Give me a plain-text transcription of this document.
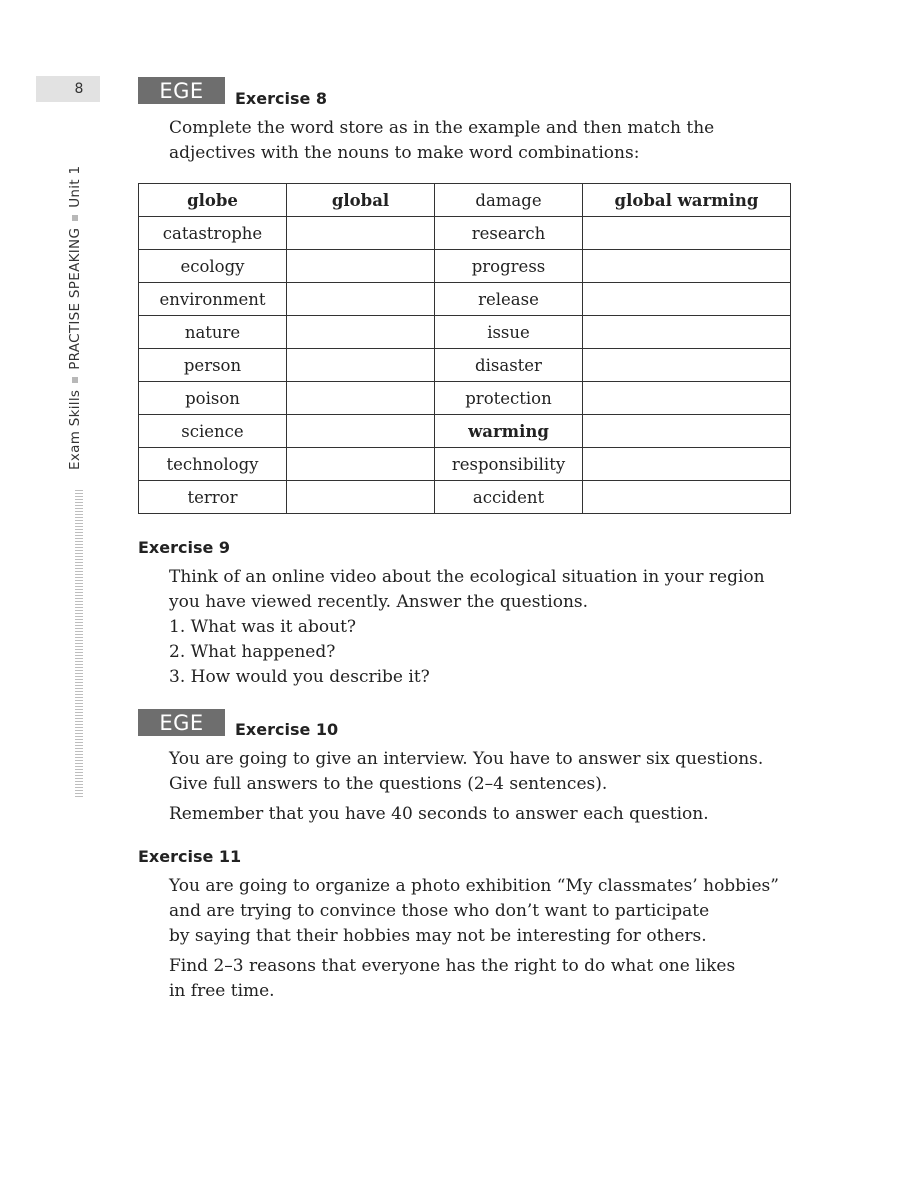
8
Exam Skills
PRACTISE SPEAKING
Unit 1
EGE	Exercise 8
Complete the word store as in the example and then match the
adjectives with the nouns to make word combinations:
globe	global	damage	global warming
catastrophe		research	
ecology		progress	
environment		release	
nature		issue	
person		disaster	
poison		protection	
science		warming	
technology		responsibility	
terror		accident	
Exercise 9
Think of an online video about the ecological situation in your region
you have viewed recently. Answer the questions.
1. What was it about?
2. What happened?
3. How would you describe it?
EGE	Exercise 10
You are going to give an interview. You have to answer six questions.
Give full answers to the questions (2–4 sentences).
Remember that you have 40 seconds to answer each question.
Exercise 11
You are going to organize a photo exhibition “My classmates’ hobbies”
and are trying to convince those who don’t want to participate
by saying that their hobbies may not be interesting for others.
Find 2–3 reasons that everyone has the right to do what one likes
in free time.
